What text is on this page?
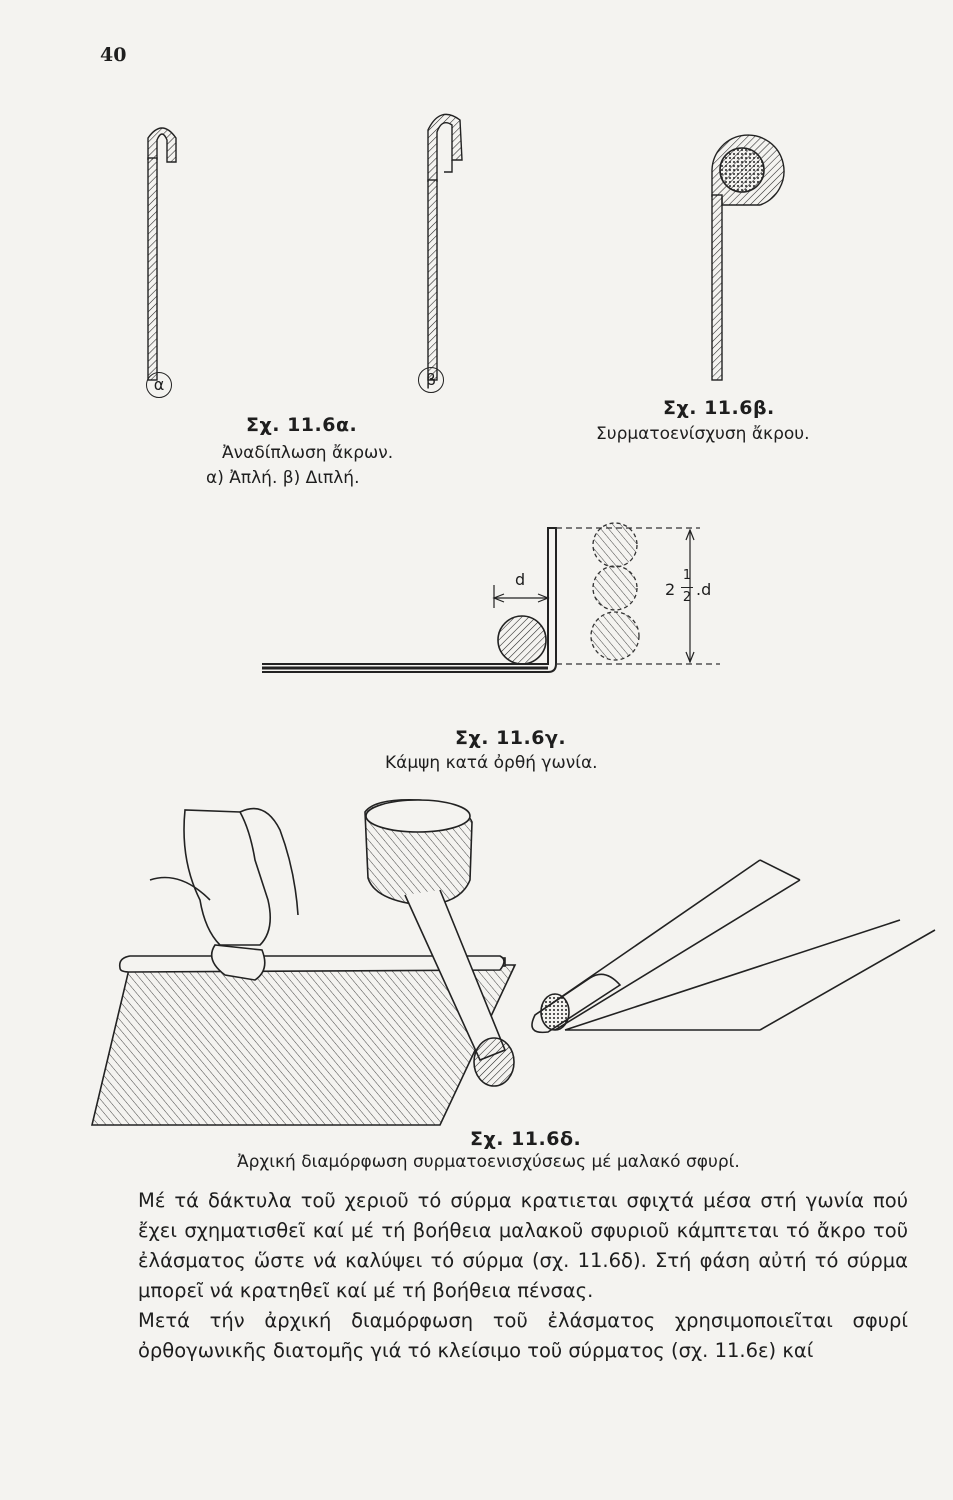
40
α	β
Σχ. 11.6α.
Ἀναδίπλωση ἄκρων.
α) Ἀπλή. β) Διπλή.
Σχ. 11.6β.
Συρματοενίσχυση ἄκρου.
d
2
1
2 .d
Σχ. 11.6γ.
Κάμψη κατά ὀρθή γωνία.
Σχ. 11.6δ.
Ἀρχική διαμόρφωση συρματοενισχύσεως μέ μαλακό σφυρί.

Μέ τά δάκτυλα τοῦ χεριοῦ τό σύρμα κρατιεται σφιχτά μέσα στή γωνία πού ἔχει σχηματισθεῖ καί μέ τή βοήθεια μαλακοῦ σφυριοῦ κάμπτεται τό ἄκρο τοῦ ἐλάσματος ὥστε νά καλύψει τό σύρμα (σχ. 11.6δ). Στή φάση αὐτή τό σύρμα μπορεῖ νά κρατηθεῖ καί μέ τή βοήθεια πένσας.

Μετά τήν ἀρχική διαμόρφωση τοῦ ἐλάσματος χρησιμοποιεῖται σφυρί ὀρθογωνικῆς διατομῆς γιά τό κλείσιμο τοῦ σύρματος (σχ. 11.6ε) καί
